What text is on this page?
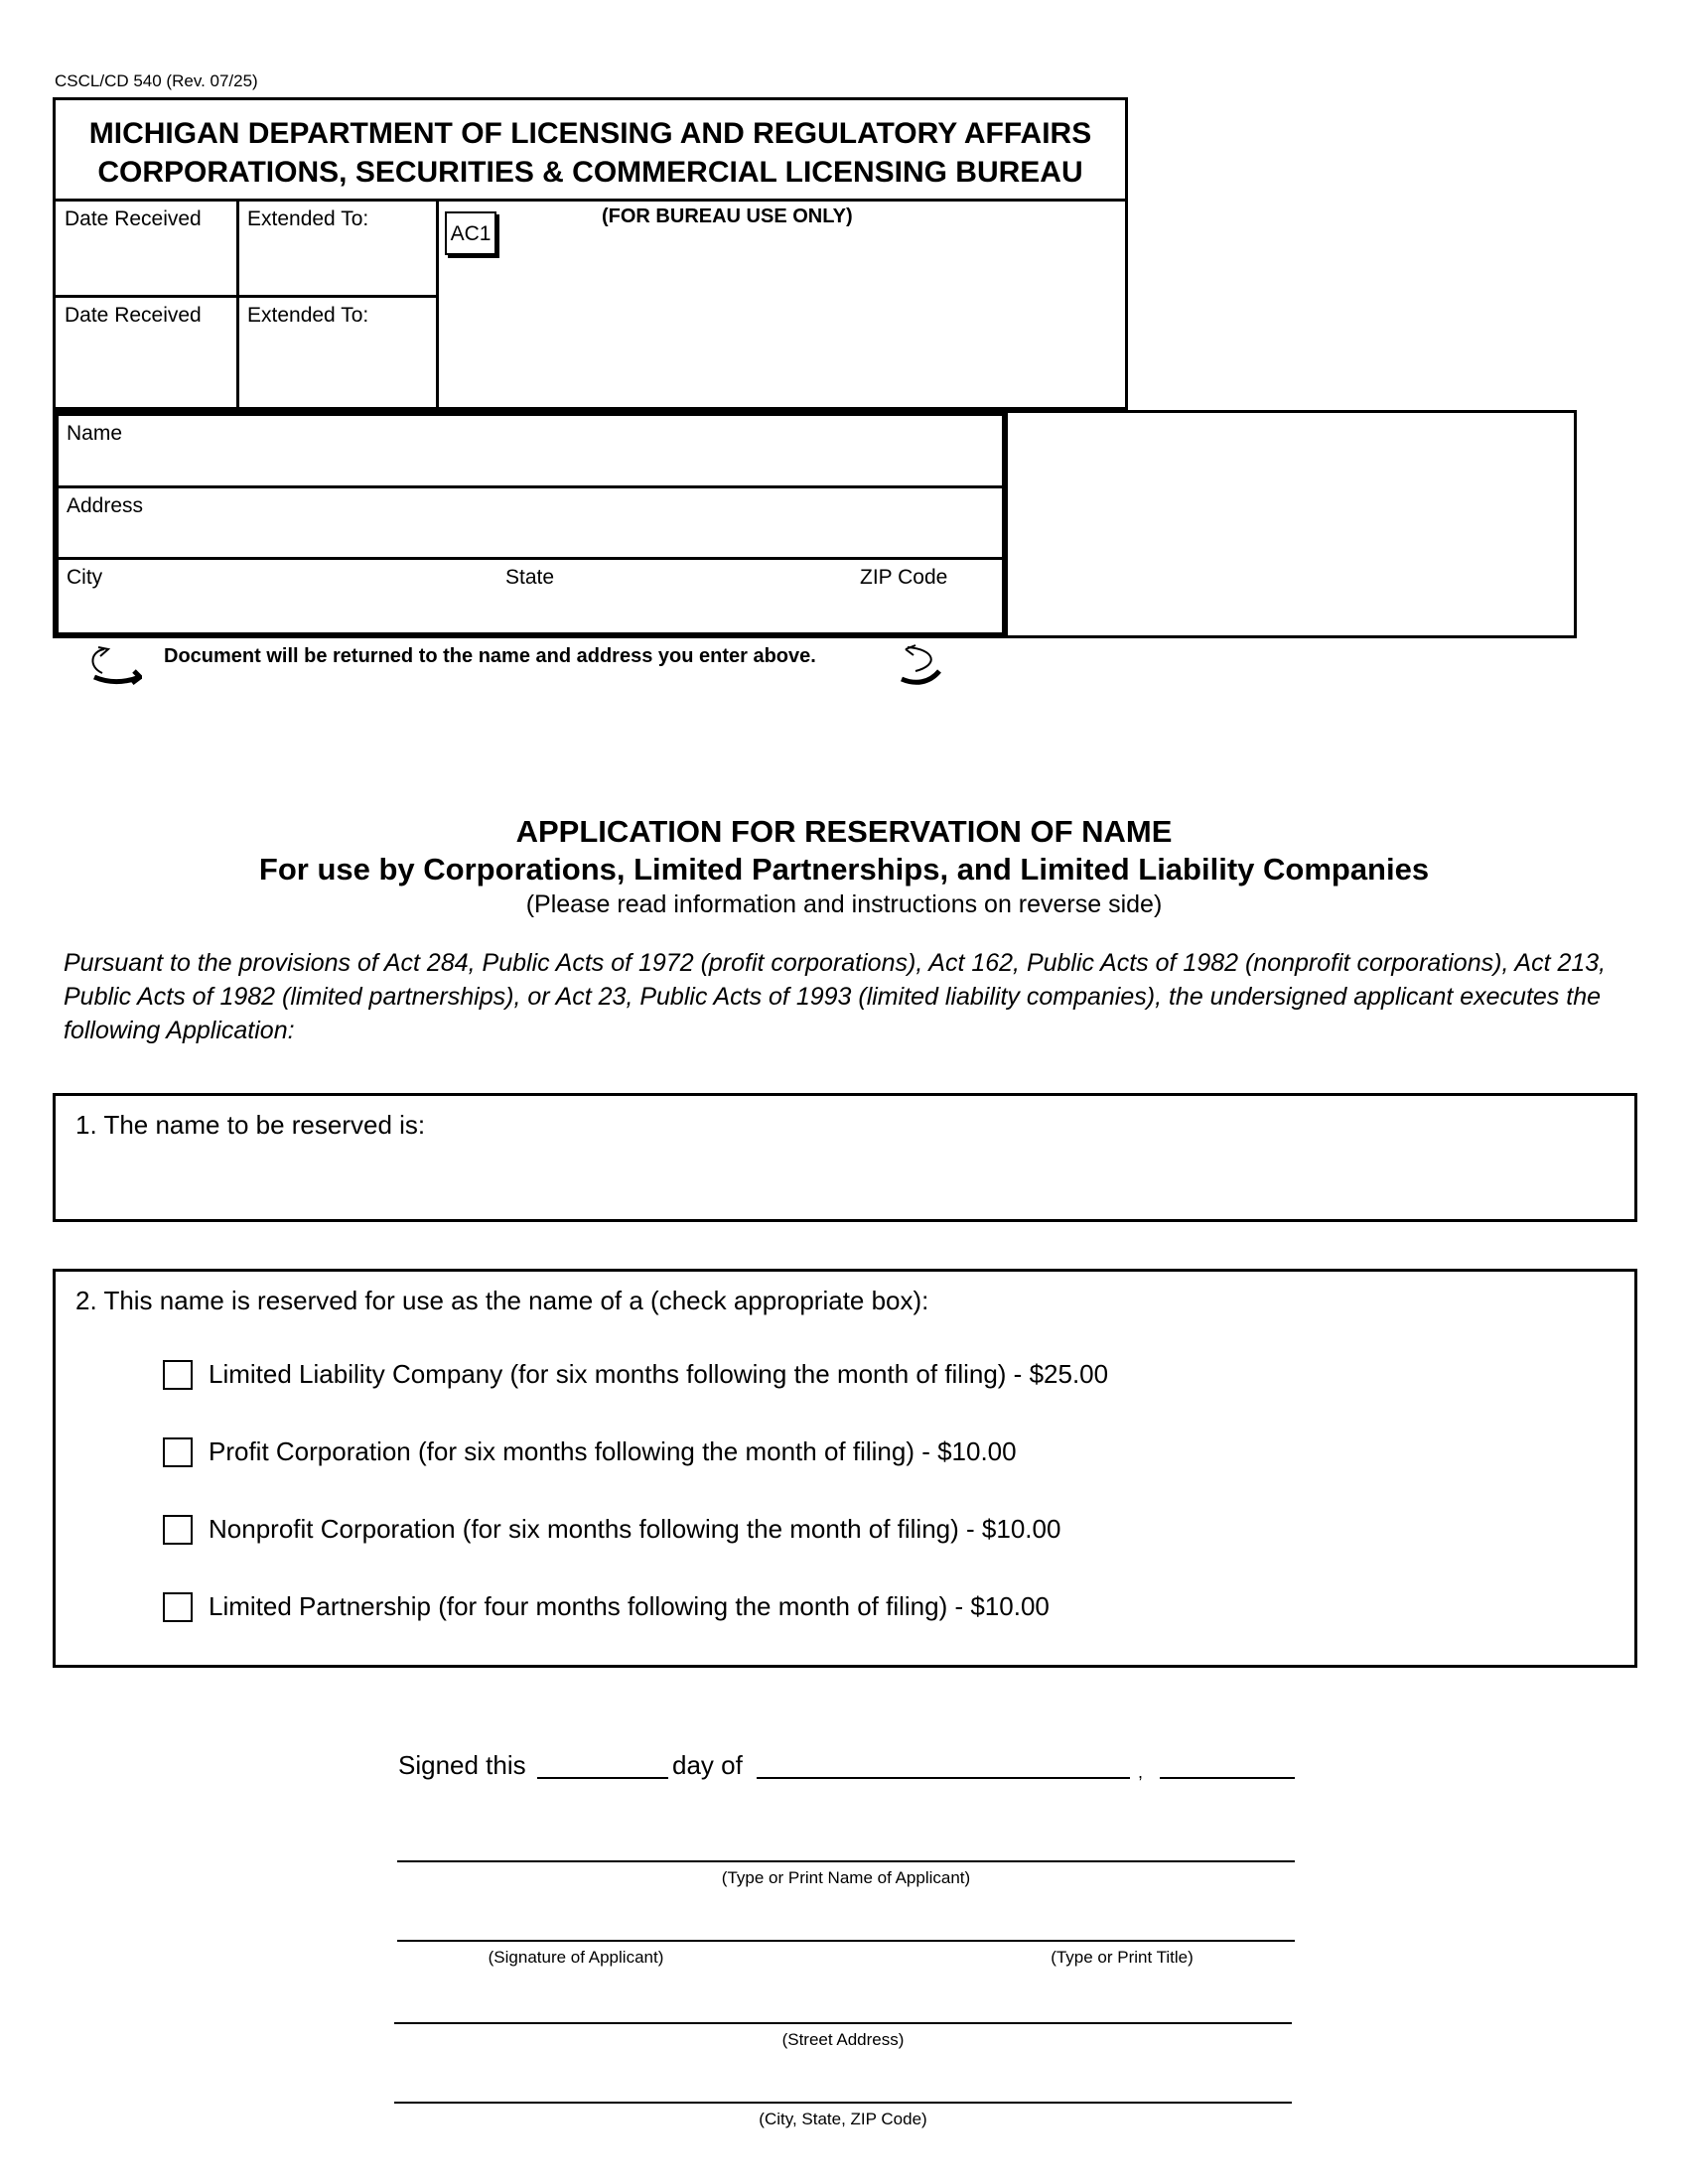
CSCL/CD 540 (Rev. 07/25)
MICHIGAN DEPARTMENT OF LICENSING AND REGULATORY AFFAIRS
CORPORATIONS, SECURITIES & COMMERCIAL LICENSING BUREAU
Date Received	Extended To:
Date Received	Extended To:
AC1
(FOR BUREAU USE ONLY)
Name
Address
City	State	ZIP Code
Document will be returned to the name and address you enter above.
APPLICATION FOR RESERVATION OF NAME
For use by Corporations, Limited Partnerships, and Limited Liability Companies
(Please read information and instructions on reverse side)
Pursuant to the provisions of Act 284, Public Acts of 1972 (profit corporations), Act 162, Public Acts of 1982 (nonprofit corporations), Act 213, Public Acts of 1982 (limited partnerships), or Act 23, Public Acts of 1993 (limited liability companies), the undersigned applicant executes the following Application:
1. The name to be reserved is:
2. This name is reserved for use as the name of a (check appropriate box):
Limited Liability Company (for six months following the month of filing) - $25.00
Profit Corporation (for six months following the month of filing) - $10.00
Nonprofit Corporation (for six months following the month of filing) - $10.00
Limited Partnership (for four months following the month of filing) - $10.00
Signed this	day of	,
(Type or Print Name of Applicant)
(Signature of Applicant)	(Type or Print Title)
(Street Address)
(City, State, ZIP Code)
